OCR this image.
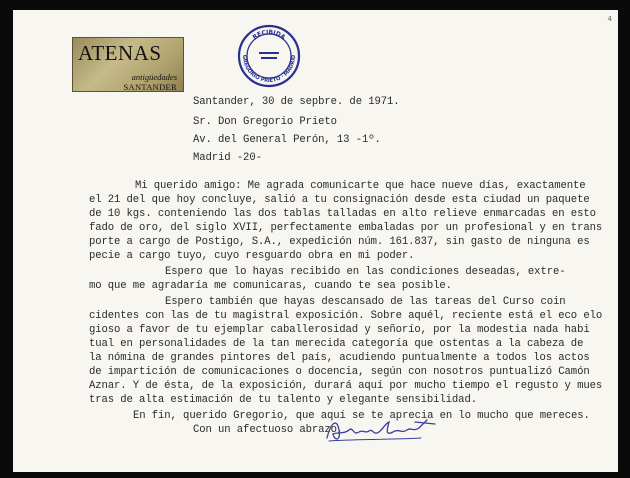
4
ATENAS
antigüedades
SANTANDER
RECIBIDA
GREGORIO PRIETO · MADRID
Santander, 30 de sepbre. de 1971.
Sr. Don Gregorio Prieto
Av. del General Perón, 13 -1º.
Madrid -20-
Mi querido amigo: Me agrada comunicarte que hace nueve días, exactamente
el 21 del que hoy concluye, salió a tu consignación desde esta ciudad un paquete
de 10 kgs. conteniendo las dos tablas talladas en alto relieve enmarcadas en esto
fado de oro, del siglo XVII, perfectamente embaladas por un profesional y en trans
porte a cargo de Postigo, S.A., expedición núm. 161.837, sin gasto de ninguna es
pecie a cargo tuyo, cuyo resguardo obra en mi poder.
Espero que lo hayas recibido en las condiciones deseadas, extre-
mo que me agradaría me comunicaras, cuando te sea posible.
Espero también que hayas descansado de las tareas del Curso coin
cidentes con las de tu magistral exposición. Sobre aquél, reciente está el eco elo
gioso a favor de tu ejemplar caballerosidad y señorío, por la modestia nada habi
tual en personalidades de la tan merecida categoría que ostentas a la cabeza de
la nómina de grandes pintores del país, acudiendo puntualmente a todos los actos
de impartición de comunicaciones o docencia, según con nosotros puntualizó Camón
Aznar. Y de ésta, de la exposición, durará aquí por mucho tiempo el regusto y mues
tras de alta estimación de tu talento y elegante sensibilidad.
En fin, querido Gregorio, que aquí se te aprecia en lo mucho que mereces.
Con un afectuoso abrazo,
